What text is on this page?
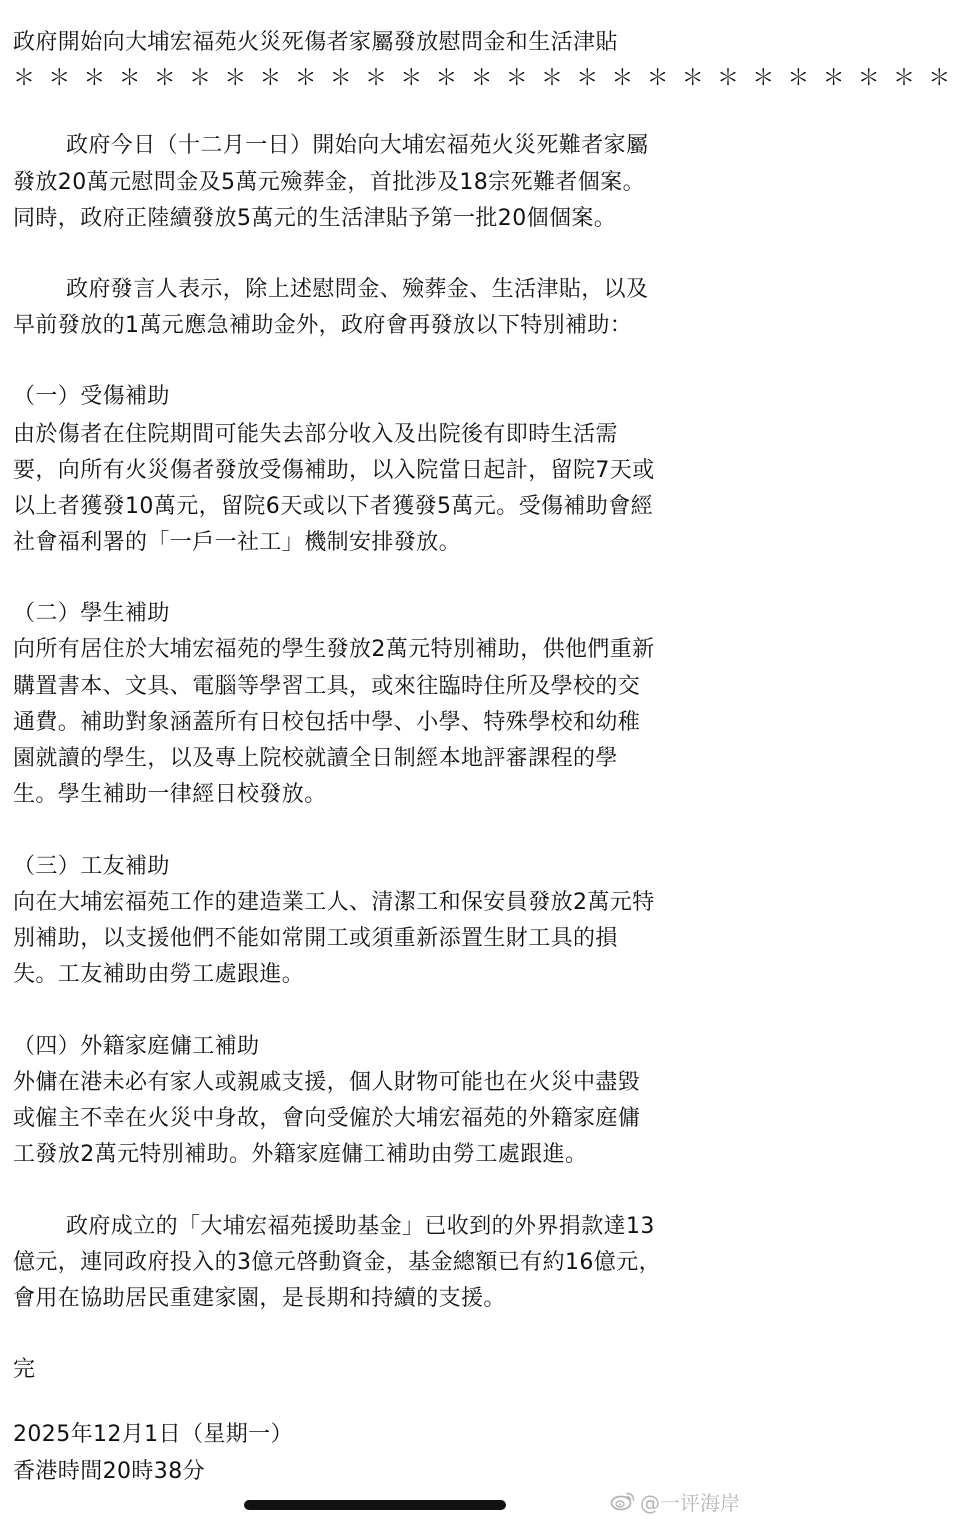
政府開始向大埔宏福苑火災死傷者家屬發放慰問金和生活津貼
＊＊＊＊＊＊＊＊＊＊＊＊＊＊＊＊＊＊＊＊＊＊＊＊＊＊＊
政府今日（十二月一日）開始向大埔宏福苑火災死難者家屬
發放20萬元慰問金及5萬元殮葬金，首批涉及18宗死難者個案。
同時，政府正陸續發放5萬元的生活津貼予第一批20個個案。
政府發言人表示，除上述慰問金、殮葬金、生活津貼，以及
早前發放的1萬元應急補助金外，政府會再發放以下特別補助：
（一）受傷補助
由於傷者在住院期間可能失去部分收入及出院後有即時生活需
要，向所有火災傷者發放受傷補助，以入院當日起計，留院7天或
以上者獲發10萬元，留院6天或以下者獲發5萬元。受傷補助會經
社會福利署的「一戶一社工」機制安排發放。
（二）學生補助
向所有居住於大埔宏福苑的學生發放2萬元特別補助，供他們重新
購置書本、文具、電腦等學習工具，或來往臨時住所及學校的交
通費。補助對象涵蓋所有日校包括中學、小學、特殊學校和幼稚
園就讀的學生，以及專上院校就讀全日制經本地評審課程的學
生。學生補助一律經日校發放。
（三）工友補助
向在大埔宏福苑工作的建造業工人、清潔工和保安員發放2萬元特
別補助，以支援他們不能如常開工或須重新添置生財工具的損
失。工友補助由勞工處跟進。
（四）外籍家庭傭工補助
外傭在港未必有家人或親戚支援，個人財物可能也在火災中盡毀
或僱主不幸在火災中身故，會向受僱於大埔宏福苑的外籍家庭傭
工發放2萬元特別補助。外籍家庭傭工補助由勞工處跟進。
政府成立的「大埔宏福苑援助基金」已收到的外界捐款達13
億元，連同政府投入的3億元啓動資金，基金總額已有約16億元，
會用在協助居民重建家園，是長期和持續的支援。
完
2025年12月1日（星期一）
香港時間20時38分
@一评海岸
